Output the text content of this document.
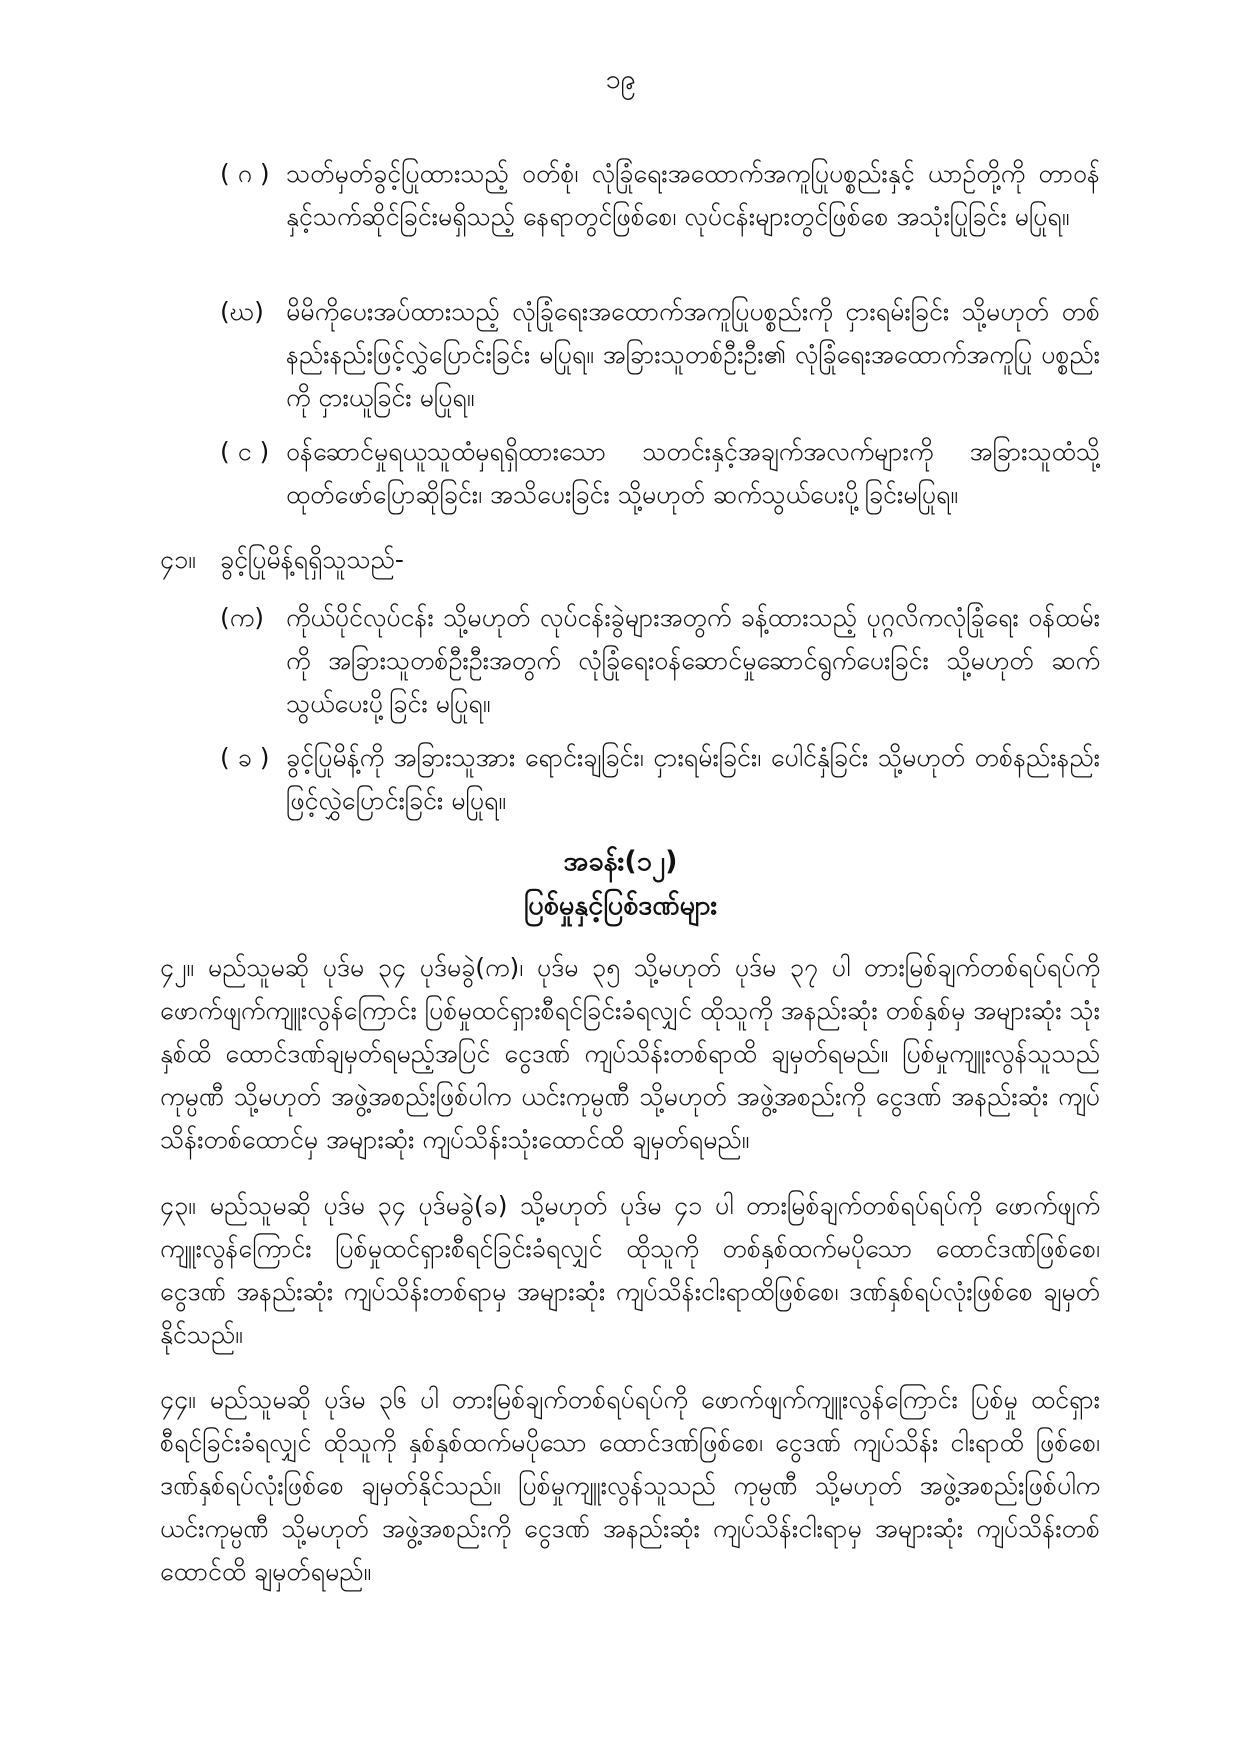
၁၉
( ဂ ) သတ်မှတ်ခွင့်ပြုထားသည့် ဝတ်စုံ၊ လုံခြုံရေးအထောက်အကူပြုပစ္စည်းနှင့် ယာဉ်တို့ကို တာဝန်နှင့်သက်ဆိုင်ခြင်းမရှိသည့် နေရာတွင်ဖြစ်စေ၊ လုပ်ငန်းများတွင်ဖြစ်စေ အသုံးပြုခြင်း မပြုရ။

(ဃ) မိမိကိုပေးအပ်ထားသည့် လုံခြုံရေးအထောက်အကူပြုပစ္စည်းကို ငှားရမ်းခြင်း သို့မဟုတ် တစ်နည်းနည်းဖြင့်လွှဲပြောင်းခြင်း မပြုရ။ အခြားသူတစ်ဦးဦး၏ လုံခြုံရေးအထောက်အကူပြု ပစ္စည်းကို ငှားယူခြင်း မပြုရ။

( င ) ဝန်ဆောင်မှုရယူသူထံမှရရှိထားသော သတင်းနှင့်အချက်အလက်များကို အခြားသူထံသို့ ထုတ်ဖော်ပြောဆိုခြင်း၊ အသိပေးခြင်း သို့မဟုတ် ဆက်သွယ်ပေးပို့ခြင်းမပြုရ။

၄၁။ ခွင့်ပြုမိန့်ရရှိသူသည်-
(က) ကိုယ်ပိုင်လုပ်ငန်း သို့မဟုတ် လုပ်ငန်းခွဲများအတွက် ခန့်ထားသည့် ပုဂ္ဂလိကလုံခြုံရေး ဝန်ထမ်းကို အခြားသူတစ်ဦးဦးအတွက် လုံခြုံရေးဝန်ဆောင်မှုဆောင်ရွက်ပေးခြင်း သို့မဟုတ် ဆက်သွယ်ပေးပို့ခြင်း မပြုရ။

( ခ ) ခွင့်ပြုမိန့်ကို အခြားသူအား ရောင်းချခြင်း၊ ငှားရမ်းခြင်း၊ ပေါင်နှံခြင်း သို့မဟုတ် တစ်နည်းနည်းဖြင့်လွှဲပြောင်းခြင်း မပြုရ။

အခန်း(၁၂)
ပြစ်မှုနှင့်ပြစ်ဒဏ်များ

၄၂။ မည်သူမဆို ပုဒ်မ ၃၄ ပုဒ်မခွဲ(က)၊ ပုဒ်မ ၃၅ သို့မဟုတ် ပုဒ်မ ၃၇ ပါ တားမြစ်ချက်တစ်ရပ်ရပ်ကို ဖောက်ဖျက်ကျူးလွန်ကြောင်း ပြစ်မှုထင်ရှားစီရင်ခြင်းခံရလျှင် ထိုသူကို အနည်းဆုံး တစ်နှစ်မှ အများဆုံး သုံးနှစ်ထိ ထောင်ဒဏ်ချမှတ်ရမည့်အပြင် ငွေဒဏ် ကျပ်သိန်းတစ်ရာထိ ချမှတ်ရမည်။ ပြစ်မှုကျူးလွန်သူသည် ကုမ္ပဏီ သို့မဟုတ် အဖွဲ့အစည်းဖြစ်ပါက ယင်းကုမ္ပဏီ သို့မဟုတ် အဖွဲ့အစည်းကို ငွေဒဏ် အနည်းဆုံး ကျပ်သိန်းတစ်ထောင်မှ အများဆုံး ကျပ်သိန်းသုံးထောင်ထိ ချမှတ်ရမည်။

၄၃။ မည်သူမဆို ပုဒ်မ ၃၄ ပုဒ်မခွဲ(ခ) သို့မဟုတ် ပုဒ်မ ၄၁ ပါ တားမြစ်ချက်တစ်ရပ်ရပ်ကို ဖောက်ဖျက် ကျူးလွန်ကြောင်း ပြစ်မှုထင်ရှားစီရင်ခြင်းခံရလျှင် ထိုသူကို တစ်နှစ်ထက်မပိုသော ထောင်ဒဏ်ဖြစ်စေ၊ ငွေဒဏ် အနည်းဆုံး ကျပ်သိန်းတစ်ရာမှ အများဆုံး ကျပ်သိန်းငါးရာထိဖြစ်စေ၊ ဒဏ်နှစ်ရပ်လုံးဖြစ်စေ ချမှတ်နိုင်သည်။

၄၄။ မည်သူမဆို ပုဒ်မ ၃၆ ပါ တားမြစ်ချက်တစ်ရပ်ရပ်ကို ဖောက်ဖျက်ကျူးလွန်ကြောင်း ပြစ်မှု ထင်ရှားစီရင်ခြင်းခံရလျှင် ထိုသူကို နှစ်နှစ်ထက်မပိုသော ထောင်ဒဏ်ဖြစ်စေ၊ ငွေဒဏ် ကျပ်သိန်း ငါးရာထိ ဖြစ်စေ၊ ဒဏ်နှစ်ရပ်လုံးဖြစ်စေ ချမှတ်နိုင်သည်။ ပြစ်မှုကျူးလွန်သူသည် ကုမ္ပဏီ သို့မဟုတ် အဖွဲ့အစည်းဖြစ်ပါက ယင်းကုမ္ပဏီ သို့မဟုတ် အဖွဲ့အစည်းကို ငွေဒဏ် အနည်းဆုံး ကျပ်သိန်းငါးရာမှ အများဆုံး ကျပ်သိန်းတစ်ထောင်ထိ ချမှတ်ရမည်။
